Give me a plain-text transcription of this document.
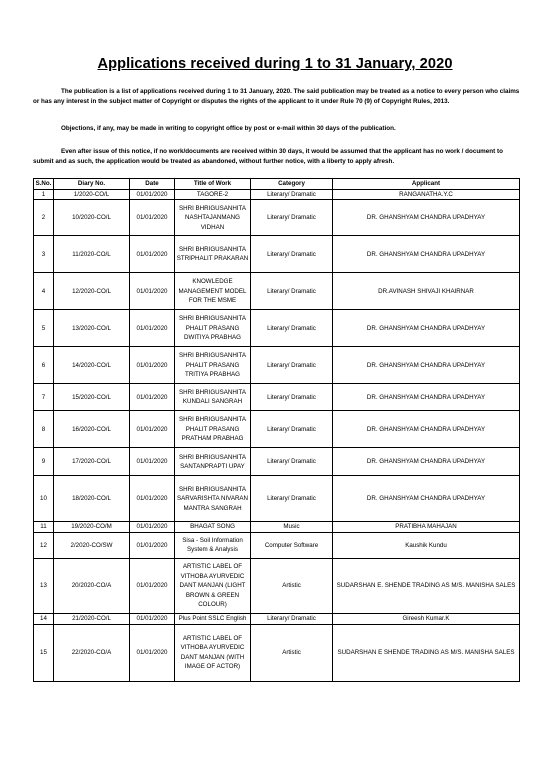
Applications received during 1 to 31 January, 2020
The publication is a list of applications received during 1 to 31 January, 2020. The said publication may be treated as a notice to every person who claims or has any interest in the subject matter of Copyright or disputes the rights of the applicant to it under Rule 70 (9) of Copyright Rules, 2013.
Objections, if any, may be made in writing to copyright office by post or e-mail within 30 days of the publication.
Even after issue of this notice, if no work/documents are received within 30 days, it would be assumed that the applicant has no work / document to submit and as such, the application would be treated as abandoned, without further notice, with a liberty to apply afresh.
S.No.	Diary No.	Date	Title of Work	Category	Applicant
1	1/2020-CO/L	01/01/2020	TAGORE-2	Literary/ Dramatic	RANGANATHA.Y.C
2	10/2020-CO/L	01/01/2020	SHRI BHRIGUSANHITA NASHTAJANMANG VIDHAN	Literary/ Dramatic	DR. GHANSHYAM CHANDRA UPADHYAY
3	11/2020-CO/L	01/01/2020	SHRI BHRIGUSANHITA STRIPHALIT PRAKARAN	Literary/ Dramatic	DR. GHANSHYAM CHANDRA UPADHYAY
4	12/2020-CO/L	01/01/2020	KNOWLEDGE MANAGEMENT MODEL FOR THE MSME	Literary/ Dramatic	DR.AVINASH SHIVAJI KHAIRNAR
5	13/2020-CO/L	01/01/2020	SHRI BHRIGUSANHITA PHALIT PRASANG DWITIYA PRABHAG	Literary/ Dramatic	DR. GHANSHYAM CHANDRA UPADHYAY
6	14/2020-CO/L	01/01/2020	SHRI BHRIGUSANHITA PHALIT PRASANG TRITIYA PRABHAG	Literary/ Dramatic	DR. GHANSHYAM CHANDRA UPADHYAY
7	15/2020-CO/L	01/01/2020	SHRI BHRIGUSANHITA KUNDALI SANGRAH	Literary/ Dramatic	DR. GHANSHYAM CHANDRA UPADHYAY
8	16/2020-CO/L	01/01/2020	SHRI BHRIGUSANHITA PHALIT PRASANG PRATHAM PRABHAG	Literary/ Dramatic	DR. GHANSHYAM CHANDRA UPADHYAY
9	17/2020-CO/L	01/01/2020	SHRI BHRIGUSANHITA SANTANPRAPTI UPAY	Literary/ Dramatic	DR. GHANSHYAM CHANDRA UPADHYAY
10	18/2020-CO/L	01/01/2020	SHRI BHRIGUSANHITA SARVARISHTA NIVARAN MANTRA SANGRAH	Literary/ Dramatic	DR. GHANSHYAM CHANDRA UPADHYAY
11	19/2020-CO/M	01/01/2020	BHAGAT SONG	Music	PRATIBHA MAHAJAN
12	2/2020-CO/SW	01/01/2020	Sisa - Soil Information System & Analysis	Computer Software	Kaushik Kundu
13	20/2020-CO/A	01/01/2020	ARTISTIC LABEL OF VITHOBA AYURVEDIC DANT MANJAN (LIGHT BROWN & GREEN COLOUR)	Artistic	SUDARSHAN E. SHENDE TRADING AS M/S. MANISHA SALES
14	21/2020-CO/L	01/01/2020	Plus Point SSLC English	Literary/ Dramatic	Gireesh Kumar.K
15	22/2020-CO/A	01/01/2020	ARTISTIC LABEL OF VITHOBA AYURVEDIC DANT MANJAN (WITH IMAGE OF ACTOR)	Artistic	SUDARSHAN E SHENDE TRADING AS M/S. MANISHA SALES
